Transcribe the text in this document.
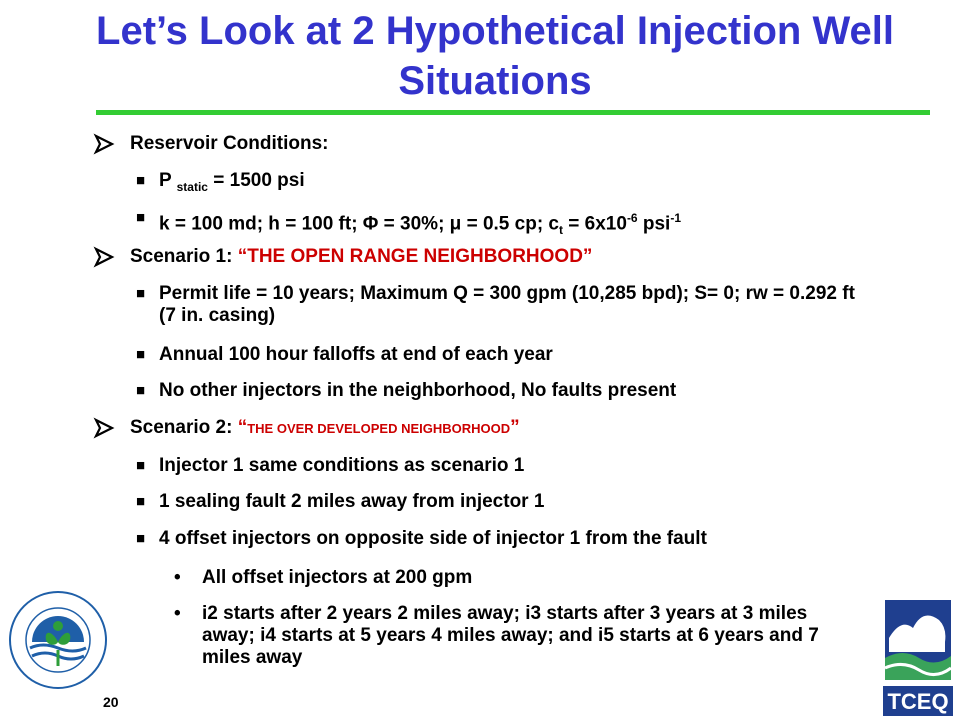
Let’s Look at 2 Hypothetical Injection Well Situations
Reservoir Conditions:
■ P $_{static}$ = 1500 psi
■ k = 100 md; h = 100 ft; Φ = 30%; μ = 0.5 cp; $c_t = 6x10^{-6}$ psi$^{-1}$
Scenario 1: “THE OPEN RANGE NEIGHBORHOOD”
■ Permit life = 10 years; Maximum Q = 300 gpm (10,285 bpd); S= 0; rw = 0.292 ft (7 in. casing)
■ Annual 100 hour falloffs at end of each year
■ No other injectors in the neighborhood, No faults present
Scenario 2: “THE OVER DEVELOPED NEIGHBORHOOD”
■ Injector 1 same conditions as scenario 1
■ 1 sealing fault 2 miles away from injector 1
■ 4 offset injectors on opposite side of injector 1 from the fault
• All offset injectors at 200 gpm
• i2 starts after 2 years 2 miles away; i3 starts after 3 years at 3 miles away; i4 starts at 5 years 4 miles away; and i5 starts at 6 years and 7 miles away
TCEQ
20
